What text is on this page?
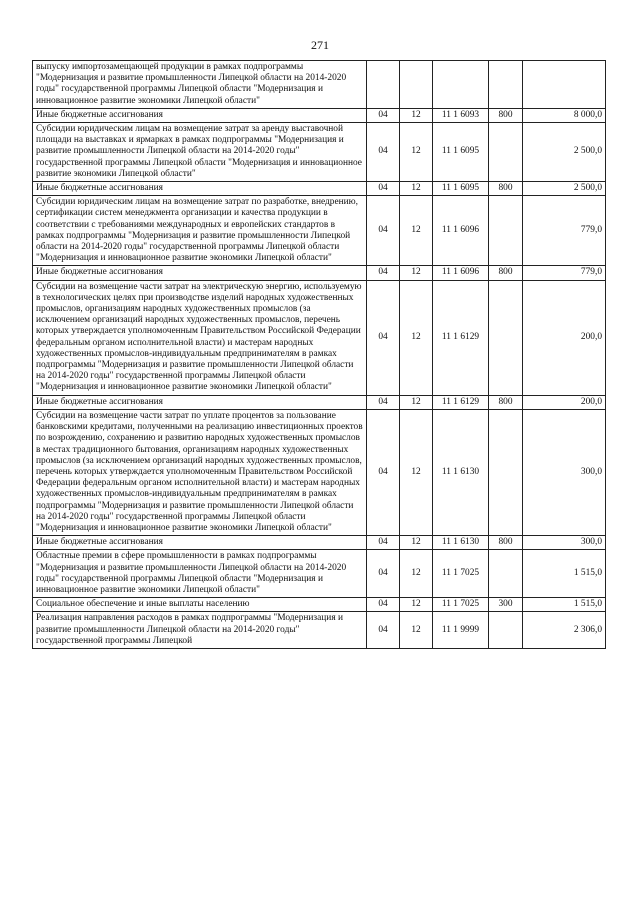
271
выпуску импортозамещающей продукции в рамках подпрограммы "Модернизация и развитие промышленности Липецкой области на 2014-2020 годы" государственной программы Липецкой области "Модернизация и инновационное развитие экономики Липецкой области"					
Иные бюджетные ассигнования	04	12	11 1 6093	800	8 000,0
Субсидии юридическим лицам на возмещение затрат за аренду выставочной площади на выставках и ярмарках в рамках подпрограммы "Модернизация и развитие промышленности Липецкой области на 2014-2020 годы" государственной программы Липецкой области "Модернизация и инновационное развитие экономики Липецкой области"	04	12	11 1 6095		2 500,0
Иные бюджетные ассигнования	04	12	11 1 6095	800	2 500,0
Субсидии юридическим лицам на возмещение затрат по разработке, внедрению, сертификации систем менеджмента организации и качества продукции в соответствии с требованиями международных и европейских стандартов в рамках подпрограммы "Модернизация и развитие промышленности Липецкой области на 2014-2020 годы" государственной программы Липецкой области "Модернизация и инновационное развитие экономики Липецкой области"	04	12	11 1 6096		779,0
Иные бюджетные ассигнования	04	12	11 1 6096	800	779,0
Субсидии на возмещение части затрат на электрическую энергию, используемую в технологических целях при производстве изделий народных художественных промыслов, организациям народных художественных промыслов (за исключением организаций народных художественных промыслов, перечень которых утверждается уполномоченным Правительством Российской Федерации федеральным органом исполнительной власти) и мастерам народных художественных промыслов-индивидуальным предпринимателям в рамках подпрограммы "Модернизация и развитие промышленности Липецкой области на 2014-2020 годы" государственной программы Липецкой области "Модернизация и инновационное развитие экономики Липецкой области"	04	12	11 1 6129		200,0
Иные бюджетные ассигнования	04	12	11 1 6129	800	200,0
Субсидии на возмещение части затрат по уплате процентов за пользование банковскими кредитами, полученными на реализацию инвестиционных проектов по возрождению, сохранению и развитию народных художественных промыслов в местах традиционного бытования, организациям народных художественных промыслов (за исключением организаций народных художественных промыслов, перечень которых утверждается уполномоченным Правительством Российской Федерации федеральным органом исполнительной власти) и мастерам народных художественных промыслов-индивидуальным предпринимателям в рамках подпрограммы "Модернизация и развитие промышленности Липецкой области на 2014-2020 годы" государственной программы Липецкой области "Модернизация и инновационное развитие экономики Липецкой области"	04	12	11 1 6130		300,0
Иные бюджетные ассигнования	04	12	11 1 6130	800	300,0
Областные премии в сфере промышленности в рамках подпрограммы "Модернизация и развитие промышленности Липецкой области на 2014-2020 годы" государственной программы Липецкой области "Модернизация и инновационное развитие экономики Липецкой области"	04	12	11 1 7025		1 515,0
Социальное обеспечение и иные выплаты населению	04	12	11 1 7025	300	1 515,0
Реализация направления расходов в рамках подпрограммы "Модернизация и развитие промышленности Липецкой области на 2014-2020 годы" государственной программы Липецкой	04	12	11 1 9999		2 306,0
